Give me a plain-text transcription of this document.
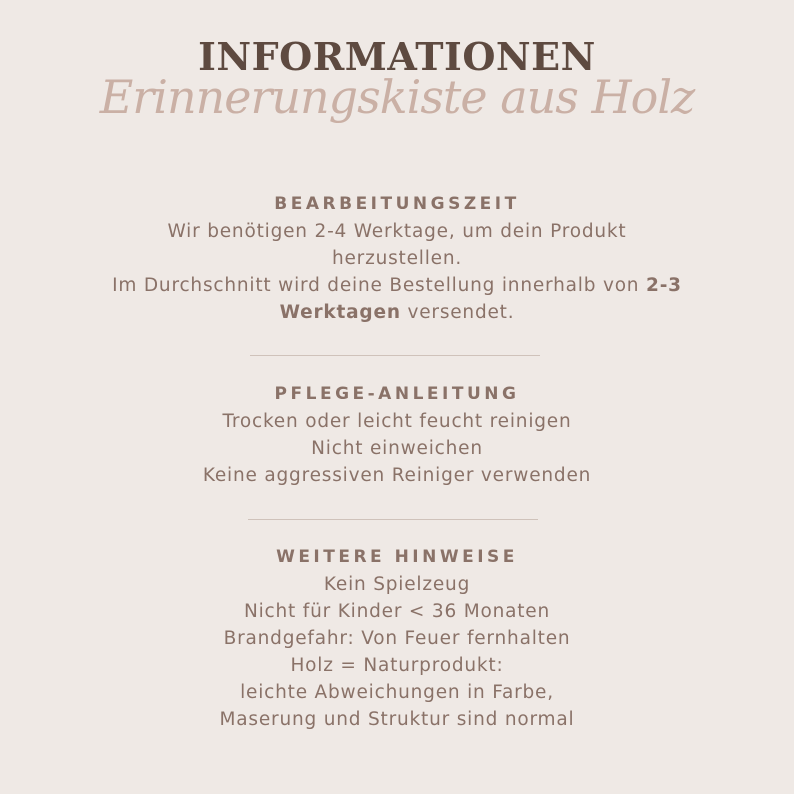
INFORMATIONEN
Erinnerungskiste aus Holz

BEARBEITUNGSZEIT

Wir benötigen 2-4 Werktage, um dein Produkt

herzustellen.

Im Durchschnitt wird deine Bestellung innerhalb von 2-3

Werktagen versendet.

PFLEGE-ANLEITUNG

Trocken oder leicht feucht reinigen

Nicht einweichen

Keine aggressiven Reiniger verwenden

WEITERE HINWEISE

Kein Spielzeug

Nicht für Kinder < 36 Monaten

Brandgefahr: Von Feuer fernhalten

Holz = Naturprodukt:

leichte Abweichungen in Farbe,

Maserung und Struktur sind normal
